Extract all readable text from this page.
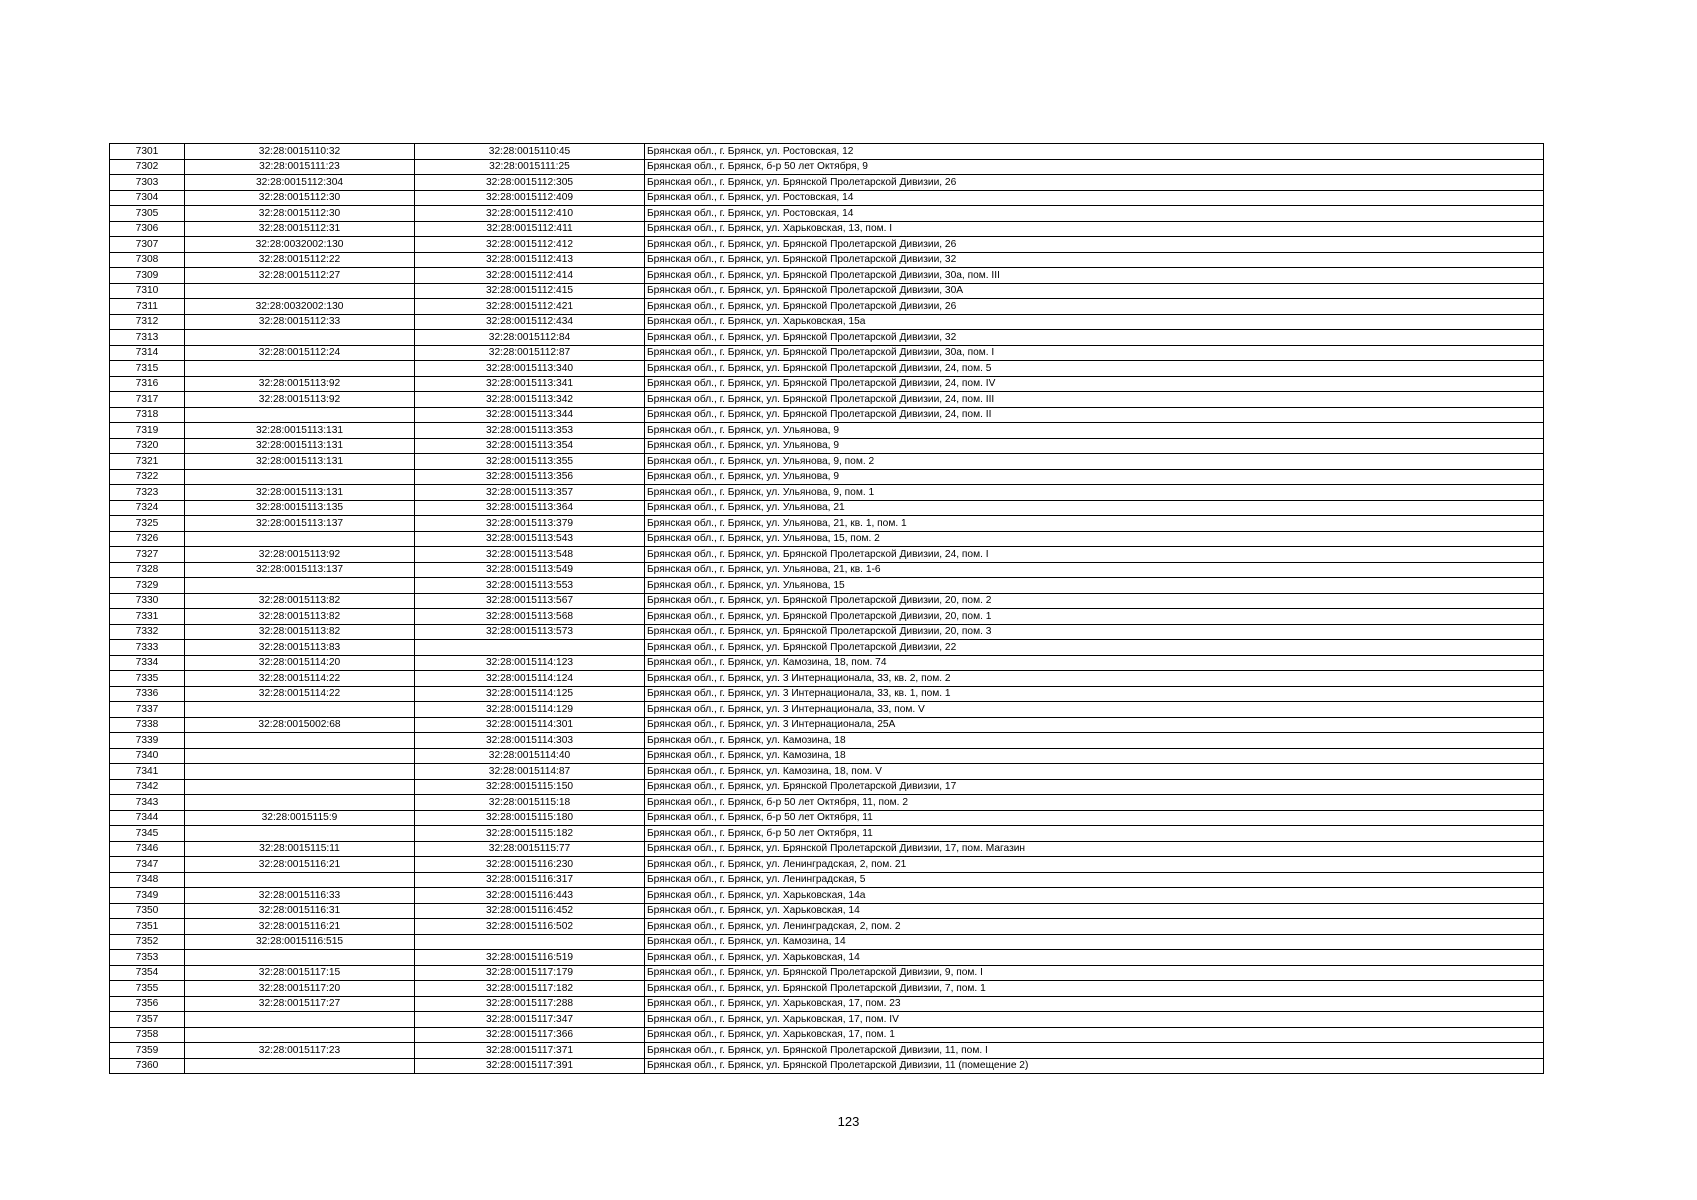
7301	32:28:0015110:32	32:28:0015110:45	Брянская обл., г. Брянск, ул. Ростовская, 12
7302	32:28:0015111:23	32:28:0015111:25	Брянская обл., г. Брянск, б-р 50 лет Октября, 9
7303	32:28:0015112:304	32:28:0015112:305	Брянская обл., г. Брянск, ул. Брянской Пролетарской Дивизии, 26
7304	32:28:0015112:30	32:28:0015112:409	Брянская обл., г. Брянск, ул. Ростовская, 14
7305	32:28:0015112:30	32:28:0015112:410	Брянская обл., г. Брянск, ул. Ростовская, 14
7306	32:28:0015112:31	32:28:0015112:411	Брянская обл., г. Брянск, ул. Харьковская, 13, пом. I
7307	32:28:0032002:130	32:28:0015112:412	Брянская обл., г. Брянск, ул. Брянской Пролетарской Дивизии, 26
7308	32:28:0015112:22	32:28:0015112:413	Брянская обл., г. Брянск, ул. Брянской Пролетарской Дивизии, 32
7309	32:28:0015112:27	32:28:0015112:414	Брянская обл., г. Брянск, ул. Брянской Пролетарской Дивизии, 30а, пом. III
7310		32:28:0015112:415	Брянская обл., г. Брянск, ул. Брянской Пролетарской Дивизии, 30А
7311	32:28:0032002:130	32:28:0015112:421	Брянская обл., г. Брянск, ул. Брянской Пролетарской Дивизии, 26
7312	32:28:0015112:33	32:28:0015112:434	Брянская обл., г. Брянск, ул. Харьковская, 15а
7313		32:28:0015112:84	Брянская обл., г. Брянск, ул. Брянской Пролетарской Дивизии, 32
7314	32:28:0015112:24	32:28:0015112:87	Брянская обл., г. Брянск, ул. Брянской Пролетарской Дивизии, 30а, пом. I
7315		32:28:0015113:340	Брянская обл., г. Брянск, ул. Брянской Пролетарской Дивизии, 24, пом. 5
7316	32:28:0015113:92	32:28:0015113:341	Брянская обл., г. Брянск, ул. Брянской Пролетарской Дивизии, 24, пом. IV
7317	32:28:0015113:92	32:28:0015113:342	Брянская обл., г. Брянск, ул. Брянской Пролетарской Дивизии, 24, пом. III
7318		32:28:0015113:344	Брянская обл., г. Брянск, ул. Брянской Пролетарской Дивизии, 24, пом. II
7319	32:28:0015113:131	32:28:0015113:353	Брянская обл., г. Брянск, ул. Ульянова, 9
7320	32:28:0015113:131	32:28:0015113:354	Брянская обл., г. Брянск, ул. Ульянова, 9
7321	32:28:0015113:131	32:28:0015113:355	Брянская обл., г. Брянск, ул. Ульянова, 9, пом. 2
7322		32:28:0015113:356	Брянская обл., г. Брянск, ул. Ульянова, 9
7323	32:28:0015113:131	32:28:0015113:357	Брянская обл., г. Брянск, ул. Ульянова, 9, пом. 1
7324	32:28:0015113:135	32:28:0015113:364	Брянская обл., г. Брянск, ул. Ульянова, 21
7325	32:28:0015113:137	32:28:0015113:379	Брянская обл., г. Брянск, ул. Ульянова, 21, кв. 1, пом. 1
7326		32:28:0015113:543	Брянская обл., г. Брянск, ул. Ульянова, 15, пом. 2
7327	32:28:0015113:92	32:28:0015113:548	Брянская обл., г. Брянск, ул. Брянской Пролетарской Дивизии, 24, пом. I
7328	32:28:0015113:137	32:28:0015113:549	Брянская обл., г. Брянск, ул. Ульянова, 21, кв. 1-6
7329		32:28:0015113:553	Брянская обл., г. Брянск, ул. Ульянова, 15
7330	32:28:0015113:82	32:28:0015113:567	Брянская обл., г. Брянск, ул. Брянской Пролетарской Дивизии, 20, пом. 2
7331	32:28:0015113:82	32:28:0015113:568	Брянская обл., г. Брянск, ул. Брянской Пролетарской Дивизии, 20, пом. 1
7332	32:28:0015113:82	32:28:0015113:573	Брянская обл., г. Брянск, ул. Брянской Пролетарской Дивизии, 20, пом. 3
7333	32:28:0015113:83		Брянская обл., г. Брянск, ул. Брянской Пролетарской Дивизии, 22
7334	32:28:0015114:20	32:28:0015114:123	Брянская обл., г. Брянск, ул. Камозина, 18, пом. 74
7335	32:28:0015114:22	32:28:0015114:124	Брянская обл., г. Брянск, ул. 3 Интернационала, 33, кв. 2, пом. 2
7336	32:28:0015114:22	32:28:0015114:125	Брянская обл., г. Брянск, ул. 3 Интернационала, 33, кв. 1, пом. 1
7337		32:28:0015114:129	Брянская обл., г. Брянск, ул. 3 Интернационала, 33, пом. V
7338	32:28:0015002:68	32:28:0015114:301	Брянская обл., г. Брянск, ул. 3 Интернационала, 25А
7339		32:28:0015114:303	Брянская обл., г. Брянск, ул. Камозина, 18
7340		32:28:0015114:40	Брянская обл., г. Брянск, ул. Камозина, 18
7341		32:28:0015114:87	Брянская обл., г. Брянск, ул. Камозина, 18, пом. V
7342		32:28:0015115:150	Брянская обл., г. Брянск, ул. Брянской Пролетарской Дивизии, 17
7343		32:28:0015115:18	Брянская обл., г. Брянск, б-р 50 лет Октября, 11, пом. 2
7344	32:28:0015115:9	32:28:0015115:180	Брянская обл., г. Брянск, б-р 50 лет Октября, 11
7345		32:28:0015115:182	Брянская обл., г. Брянск, б-р 50 лет Октября, 11
7346	32:28:0015115:11	32:28:0015115:77	Брянская обл., г. Брянск, ул. Брянской Пролетарской Дивизии, 17, пом. Магазин
7347	32:28:0015116:21	32:28:0015116:230	Брянская обл., г. Брянск, ул. Ленинградская, 2, пом. 21
7348		32:28:0015116:317	Брянская обл., г. Брянск, ул. Ленинградская, 5
7349	32:28:0015116:33	32:28:0015116:443	Брянская обл., г. Брянск, ул. Харьковская, 14а
7350	32:28:0015116:31	32:28:0015116:452	Брянская обл., г. Брянск, ул. Харьковская, 14
7351	32:28:0015116:21	32:28:0015116:502	Брянская обл., г. Брянск, ул. Ленинградская, 2, пом. 2
7352	32:28:0015116:515		Брянская обл., г. Брянск, ул. Камозина, 14
7353		32:28:0015116:519	Брянская обл., г. Брянск, ул. Харьковская, 14
7354	32:28:0015117:15	32:28:0015117:179	Брянская обл., г. Брянск, ул. Брянской Пролетарской Дивизии, 9, пом. I
7355	32:28:0015117:20	32:28:0015117:182	Брянская обл., г. Брянск, ул. Брянской Пролетарской Дивизии, 7, пом. 1
7356	32:28:0015117:27	32:28:0015117:288	Брянская обл., г. Брянск, ул. Харьковская, 17, пом. 23
7357		32:28:0015117:347	Брянская обл., г. Брянск, ул. Харьковская, 17, пом. IV
7358		32:28:0015117:366	Брянская обл., г. Брянск, ул. Харьковская, 17, пом. 1
7359	32:28:0015117:23	32:28:0015117:371	Брянская обл., г. Брянск, ул. Брянской Пролетарской Дивизии, 11, пом. I
7360		32:28:0015117:391	Брянская обл., г. Брянск, ул. Брянской Пролетарской Дивизии, 11 (помещение 2)
123
